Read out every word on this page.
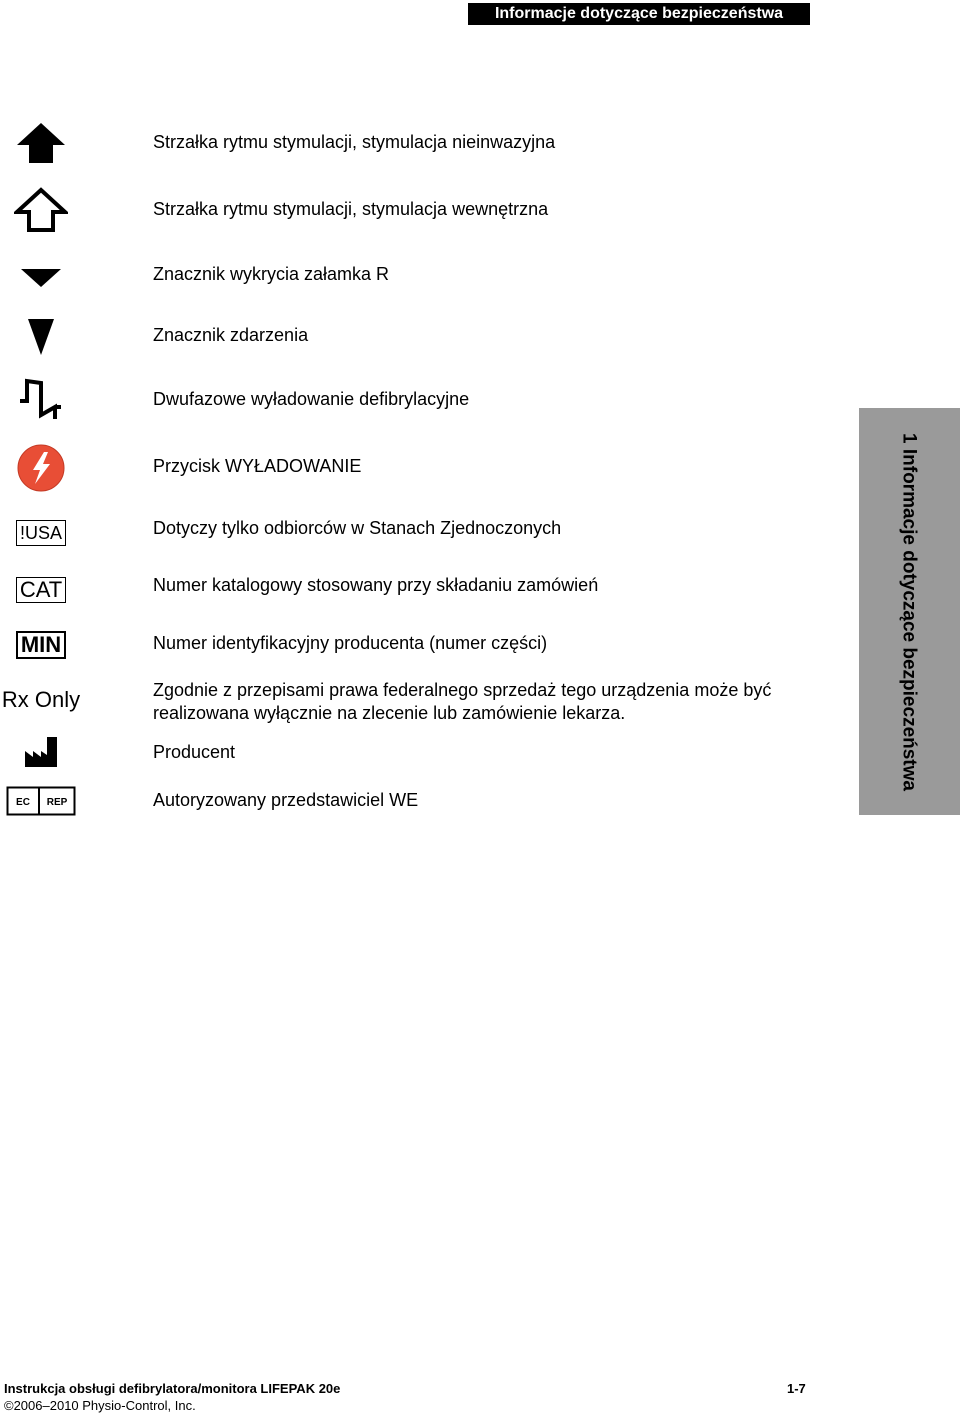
Informacje dotyczące bezpieczeństwa
Strzałka rytmu stymulacji, stymulacja nieinwazyjna
Strzałka rytmu stymulacji, stymulacja wewnętrzna
Znacznik wykrycia załamka R
Znacznik zdarzenia
Dwufazowe wyładowanie defibrylacyjne
Przycisk WYŁADOWANIE
!USA	Dotyczy tylko odbiorców w Stanach Zjednoczonych
CAT	Numer katalogowy stosowany przy składaniu zamówień
MIN	Numer identyfikacyjny producenta (numer części)
Rx Only	Zgodnie z przepisami prawa federalnego sprzedaż tego urządzenia może być realizowana wyłącznie na zlecenie lub zamówienie lekarza.
Producent
EC REP	Autoryzowany przedstawiciel WE
1 Informacje dotyczące bezpieczeństwa
Instrukcja obsługi defibrylatora/monitora LIFEPAK 20e
©2006–2010 Physio-Control, Inc.
1-7
